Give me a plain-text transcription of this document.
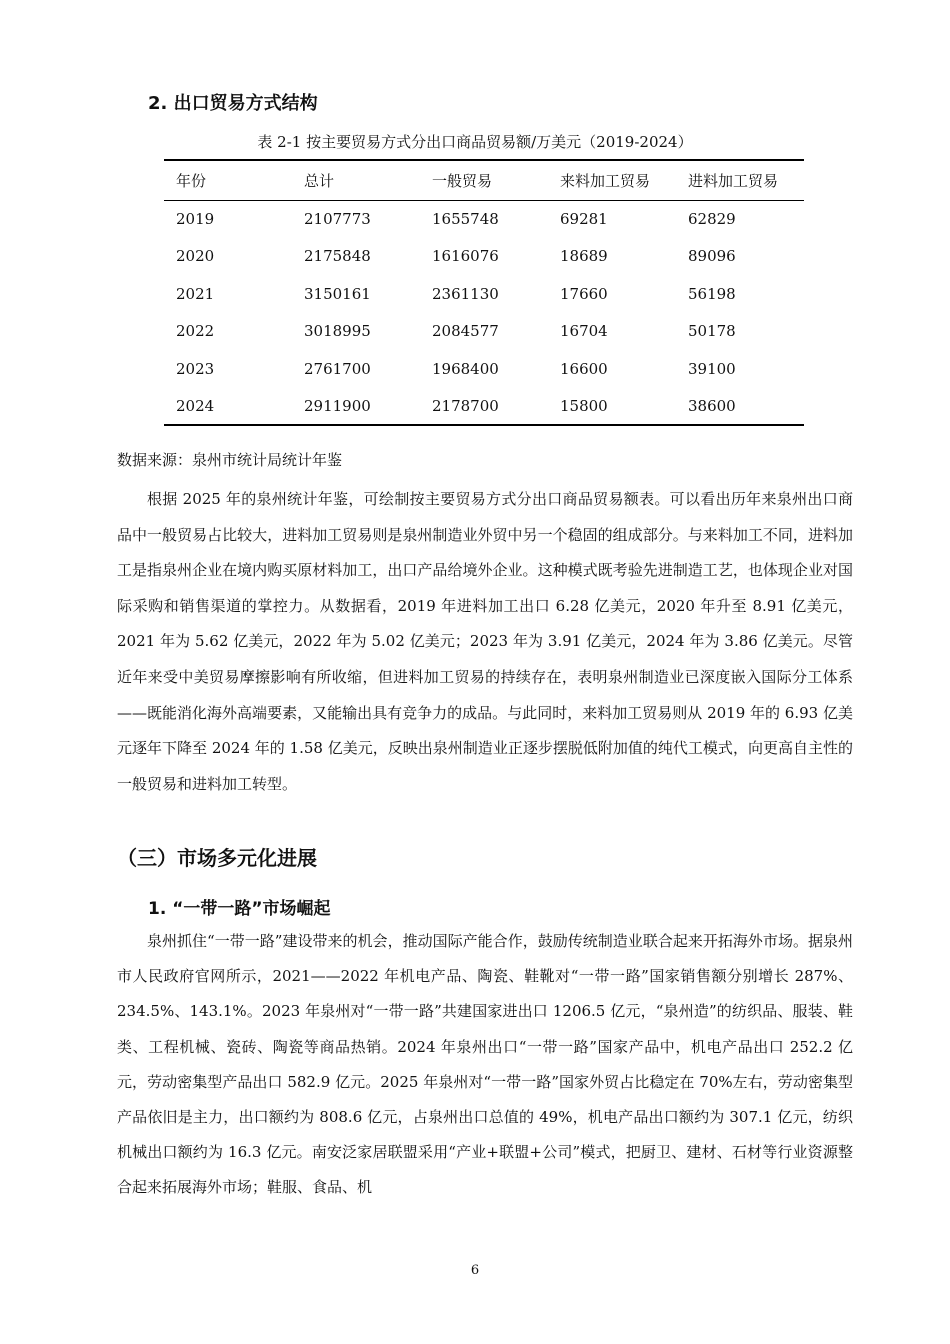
2. 出口贸易方式结构
表 2-1 按主要贸易方式分出口商品贸易额/万美元（2019-2024）
年份	总计	一般贸易	来料加工贸易	进料加工贸易
2019	2107773	1655748	69281	62829
2020	2175848	1616076	18689	89096
2021	3150161	2361130	17660	56198
2022	3018995	2084577	16704	50178
2023	2761700	1968400	16600	39100
2024	2911900	2178700	15800	38600
数据来源：泉州市统计局统计年鉴

根据 2025 年的泉州统计年鉴，可绘制按主要贸易方式分出口商品贸易额表。可以看出历年来泉州出口商品中一般贸易占比较大，进料加工贸易则是泉州制造业外贸中另一个稳固的组成部分。与来料加工不同，进料加工是指泉州企业在境内购买原材料加工，出口产品给境外企业。这种模式既考验先进制造工艺，也体现企业对国际采购和销售渠道的掌控力。从数据看，2019 年进料加工出口 6.28 亿美元，2020 年升至 8.91 亿美元，2021 年为 5.62 亿美元，2022 年为 5.02 亿美元；2023 年为 3.91 亿美元，2024 年为 3.86 亿美元。尽管近年来受中美贸易摩擦影响有所收缩，但进料加工贸易的持续存在，表明泉州制造业已深度嵌入国际分工体系——既能消化海外高端要素，又能输出具有竞争力的成品。与此同时，来料加工贸易则从 2019 年的 6.93 亿美元逐年下降至 2024 年的 1.58 亿美元，反映出泉州制造业正逐步摆脱低附加值的纯代工模式，向更高自主性的一般贸易和进料加工转型。

（三）市场多元化进展
1. “一带一路”市场崛起

泉州抓住“一带一路”建设带来的机会，推动国际产能合作，鼓励传统制造业联合起来开拓海外市场。据泉州市人民政府官网所示，2021——2022 年机电产品、陶瓷、鞋靴对“一带一路”国家销售额分别增长 287%、234.5%、143.1%。2023 年泉州对“一带一路”共建国家进出口 1206.5 亿元，“泉州造”的纺织品、服装、鞋类、工程机械、瓷砖、陶瓷等商品热销。2024 年泉州出口“一带一路”国家产品中，机电产品出口 252.2 亿元，劳动密集型产品出口 582.9 亿元。2025 年泉州对“一带一路”国家外贸占比稳定在 70%左右，劳动密集型产品依旧是主力，出口额约为 808.6 亿元，占泉州出口总值的 49%，机电产品出口额约为 307.1 亿元，纺织机械出口额约为 16.3 亿元。南安泛家居联盟采用“产业+联盟+公司”模式，把厨卫、建材、石材等行业资源整合起来拓展海外市场；鞋服、食品、机

6
